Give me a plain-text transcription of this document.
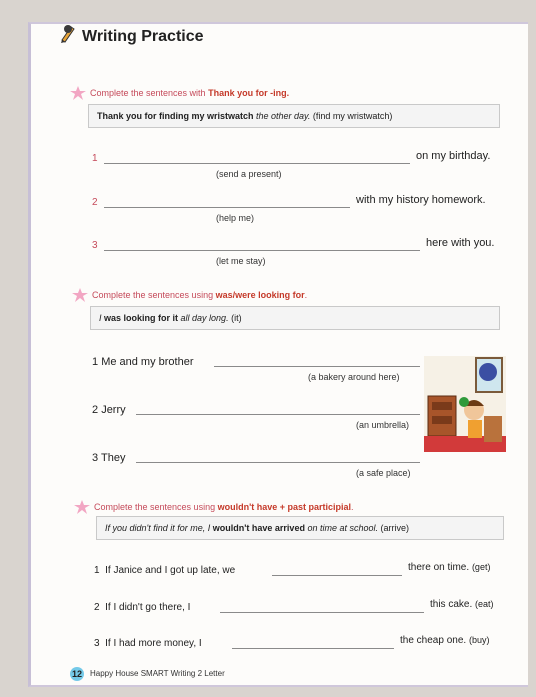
Writing Practice
Complete the sentences with Thank you for -ing.
Thank you for finding my wristwatch the other day. (find my wristwatch)
1	on my birthday.
(send a present)
2	with my history homework.
(help me)
3	here with you.
(let me stay)
Complete the sentences using was/were looking for.
I was looking for it all day long. (it)
1 Me and my brother
(a bakery around here)
2 Jerry
(an umbrella)
3 They
(a safe place)
Complete the sentences using wouldn't have + past participial.
If you didn't find it for me, I wouldn't have arrived on time at school. (arrive)
1 If Janice and I got up late, we	there on time. (get)
2 If I didn't go there, I	this cake. (eat)
3 If I had more money, I	the cheap one. (buy)
12 Happy House SMART Writing 2 Letter
